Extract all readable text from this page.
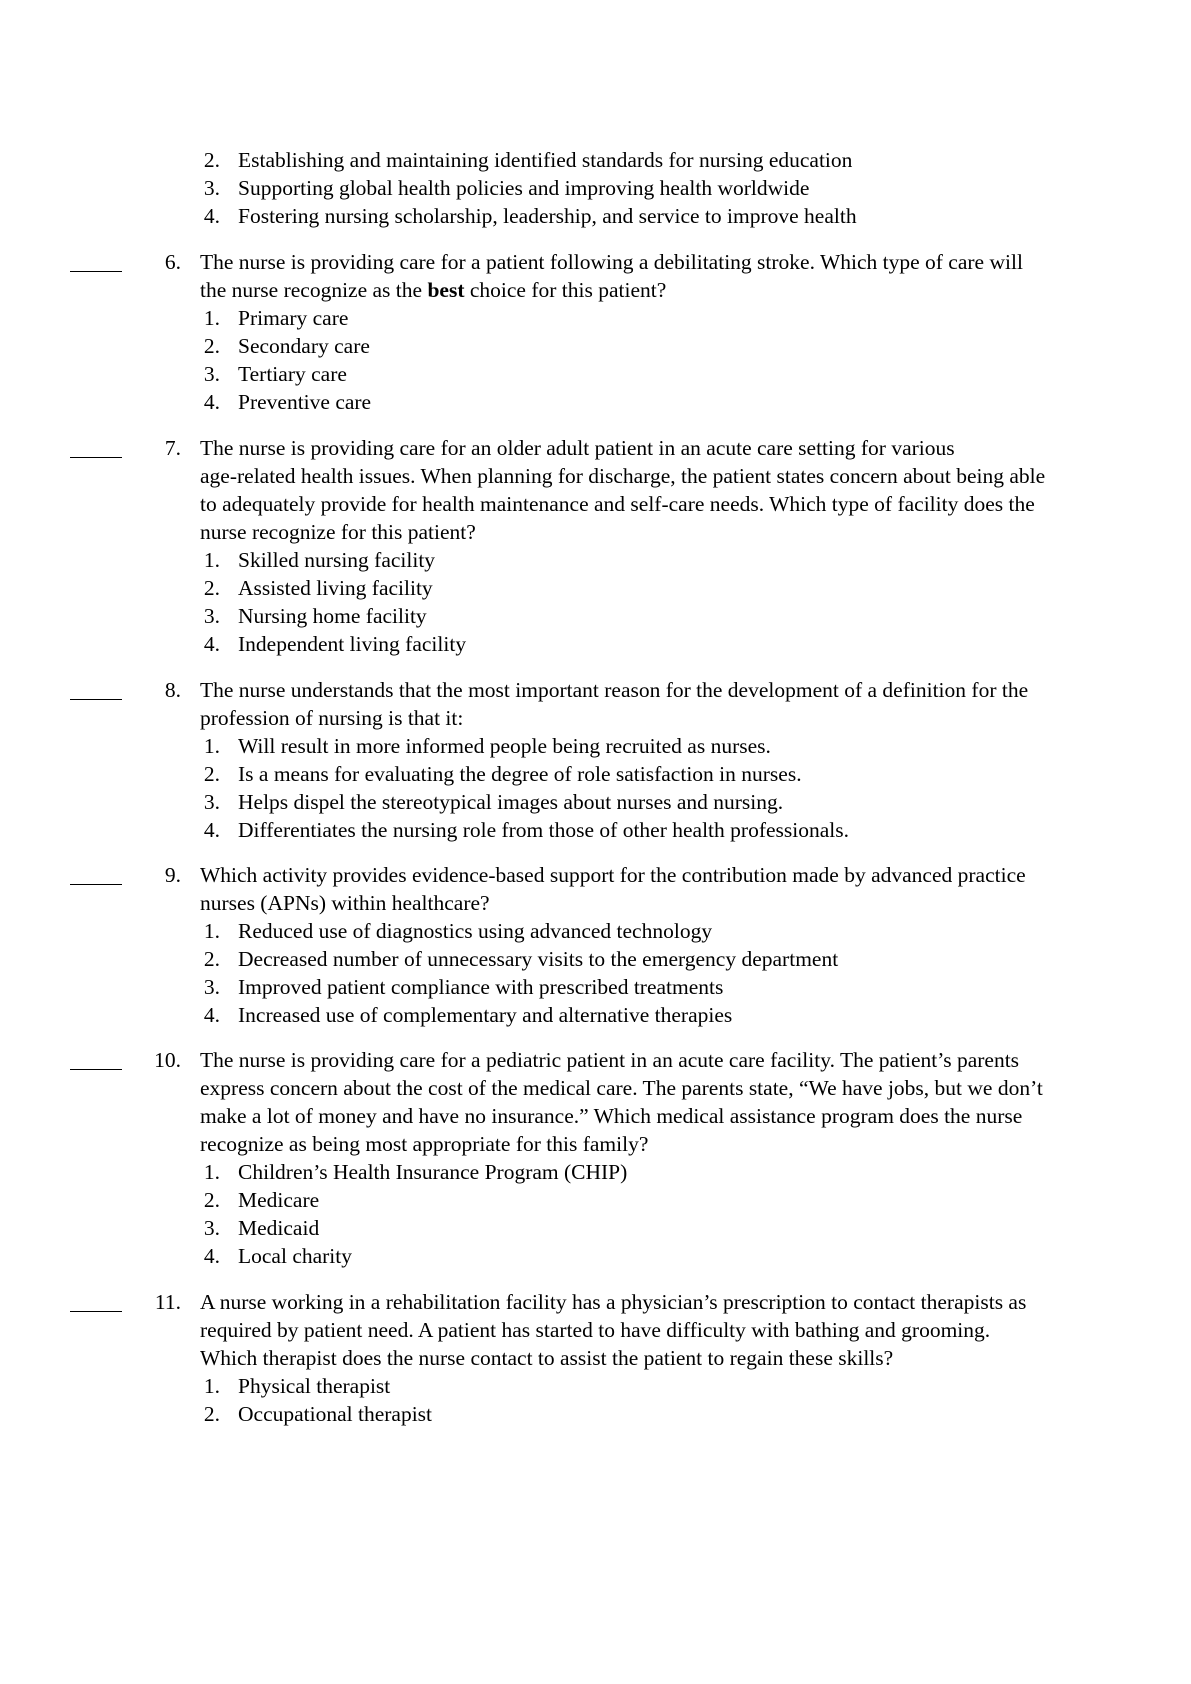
2. Establishing and maintaining identified standards for nursing education
3. Supporting global health policies and improving health worldwide
4. Fostering nursing scholarship, leadership, and service to improve health
6. The nurse is providing care for a patient following a debilitating stroke. Which type of care will
the nurse recognize as the best choice for this patient?
1. Primary care
2. Secondary care
3. Tertiary care
4. Preventive care
7. The nurse is providing care for an older adult patient in an acute care setting for various
age-related health issues. When planning for discharge, the patient states concern about being able
to adequately provide for health maintenance and self-care needs. Which type of facility does the
nurse recognize for this patient?
1. Skilled nursing facility
2. Assisted living facility
3. Nursing home facility
4. Independent living facility
8. The nurse understands that the most important reason for the development of a definition for the
profession of nursing is that it:
1. Will result in more informed people being recruited as nurses.
2. Is a means for evaluating the degree of role satisfaction in nurses.
3. Helps dispel the stereotypical images about nurses and nursing.
4. Differentiates the nursing role from those of other health professionals.
9. Which activity provides evidence-based support for the contribution made by advanced practice
nurses (APNs) within healthcare?
1. Reduced use of diagnostics using advanced technology
2. Decreased number of unnecessary visits to the emergency department
3. Improved patient compliance with prescribed treatments
4. Increased use of complementary and alternative therapies
10. The nurse is providing care for a pediatric patient in an acute care facility. The patient’s parents
express concern about the cost of the medical care. The parents state, “We have jobs, but we don’t
make a lot of money and have no insurance.” Which medical assistance program does the nurse
recognize as being most appropriate for this family?
1. Children’s Health Insurance Program (CHIP)
2. Medicare
3. Medicaid
4. Local charity
11. A nurse working in a rehabilitation facility has a physician’s prescription to contact therapists as
required by patient need. A patient has started to have difficulty with bathing and grooming.
Which therapist does the nurse contact to assist the patient to regain these skills?
1. Physical therapist
2. Occupational therapist
